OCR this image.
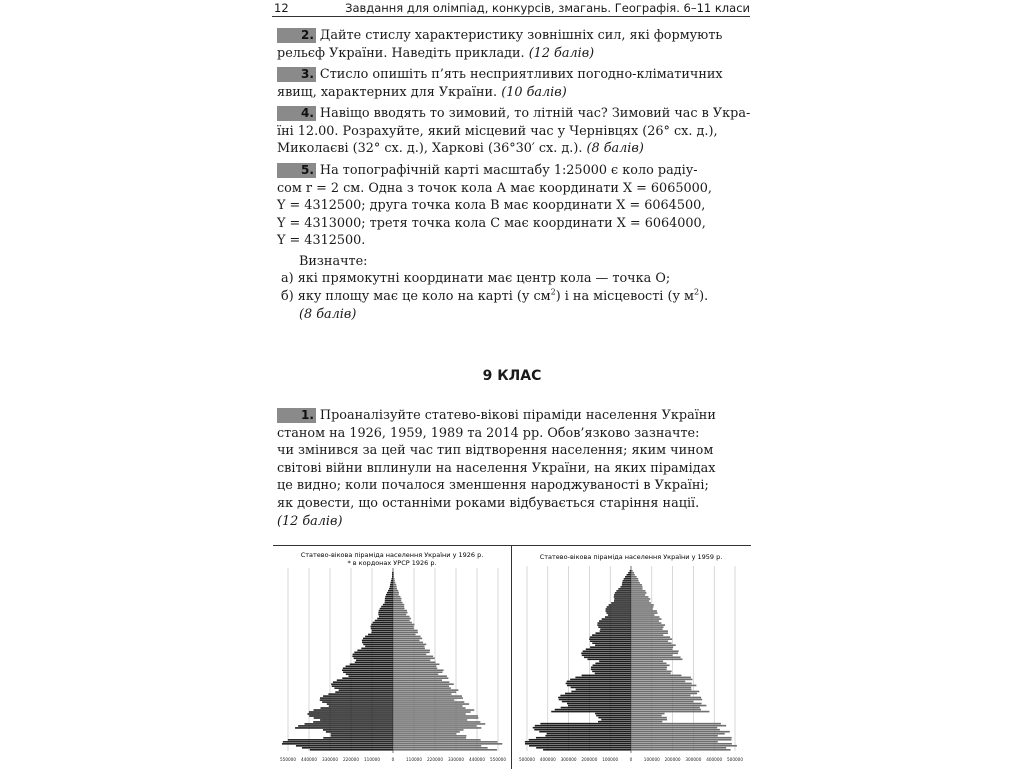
12	Завдання для олімпіад, конкурсів, змагань. Географія. 6–11 класи
2. Дайте стислу характеристику зовнішніх сил, які формують
рельєф України. Наведіть приклади. (12 балів)
3. Стисло опишіть п’ять несприятливих погодно-кліматичних
явищ, характерних для України. (10 балів)
4. Навіщо вводять то зимовий, то літній час? Зимовий час в Укра-
їні 12.00. Розрахуйте, який місцевий час у Чернівцях (26° сх. д.),
Миколаєві (32° сх. д.), Харкові (36°30′ сх. д.). (8 балів)
5. На топографічній карті масштабу 1:25000 є коло радіу-
сом r = 2 см. Одна з точок кола А має координати Х = 6065000,
Y = 4312500; друга точка кола В має координати Х = 6064500,
Y = 4313000; третя точка кола С має координати Х = 6064000,
Y = 4312500.
Визначте:
а) які прямокутні координати має центр кола — точка О;
б) яку площу має це коло на карті (у $см^2$) і на місцевості (у $м^2$).
(8 балів)
9 КЛАС
1. Проаналізуйте статево-вікові піраміди населення України
станом на 1926, 1959, 1989 та 2014 рр. Обов’язково зазначте:
чи змінився за цей час тип відтворення населення; яким чином
світові війни вплинули на населення України, на яких пірамідах
це видно; коли почалося зменшення народжуваності в Україні;
як довести, що останніми роками відбувається старіння нації.
(12 балів)
Статево-вікова піраміда населення України у 1926 р.
* в кордонах УРСР 1926 р.
550000 440000 330000 220000 110000	0	110000 220000 330000 440000 550000
Статево-вікова піраміда населення України у 1959 р.
500000 400000 300000 200000 100000	0	100000 200000 300000 400000 500000
